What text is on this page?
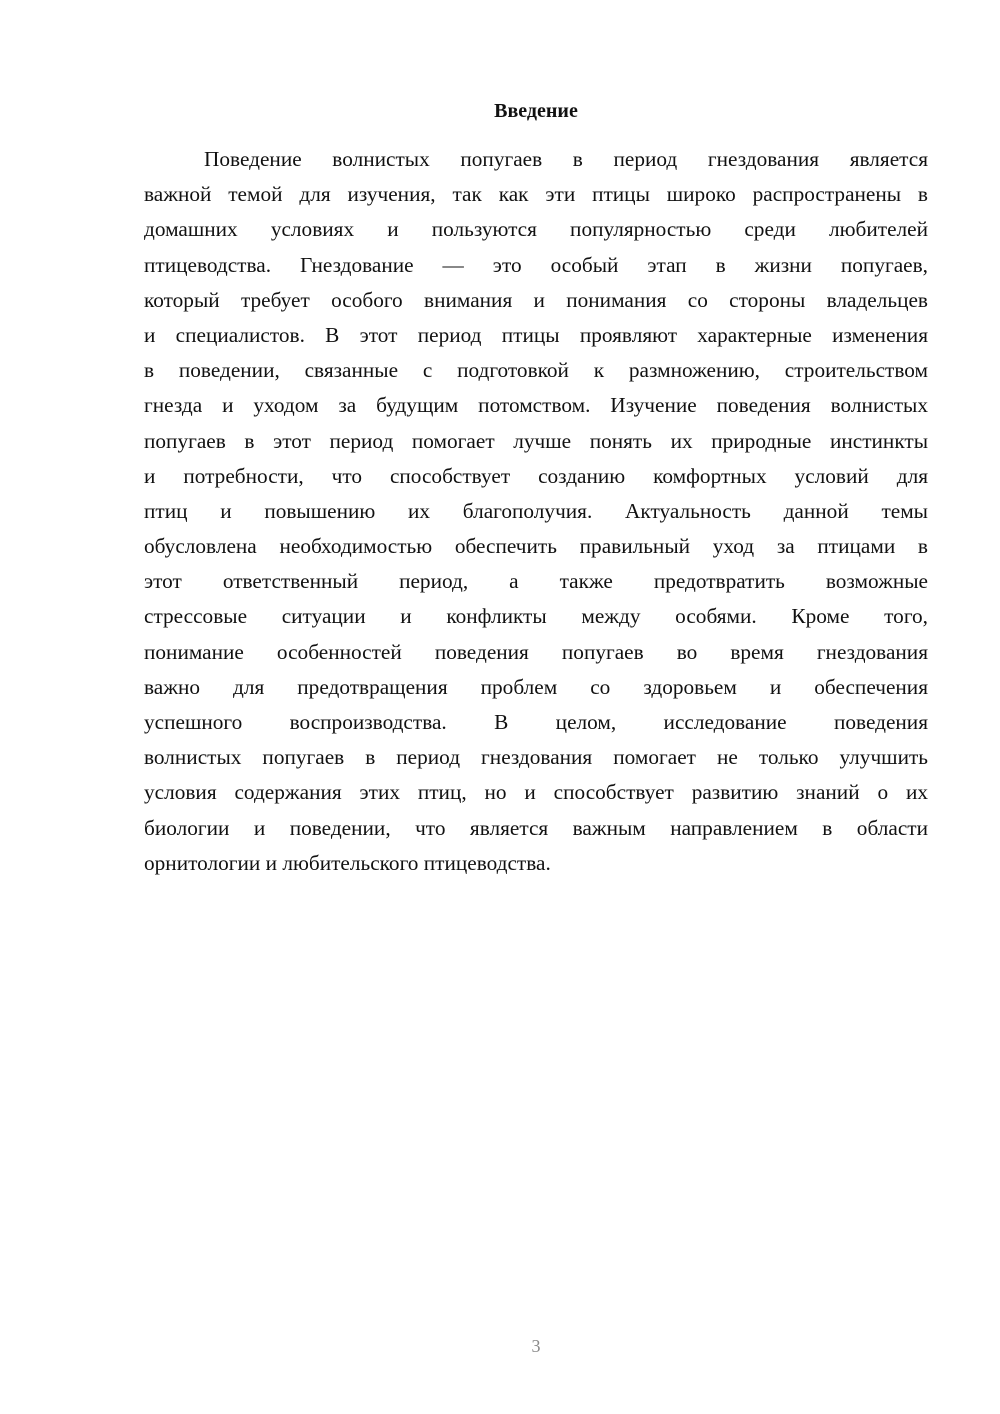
Введение
Поведение волнистых попугаев в период гнездования является
важной темой для изучения, так как эти птицы широко распространены в
домашних условиях и пользуются популярностью среди любителей
птицеводства. Гнездование — это особый этап в жизни попугаев,
который требует особого внимания и понимания со стороны владельцев
и специалистов. В этот период птицы проявляют характерные изменения
в поведении, связанные с подготовкой к размножению, строительством
гнезда и уходом за будущим потомством. Изучение поведения волнистых
попугаев в этот период помогает лучше понять их природные инстинкты
и потребности, что способствует созданию комфортных условий для
птиц и повышению их благополучия. Актуальность данной темы
обусловлена необходимостью обеспечить правильный уход за птицами в
этот ответственный период, а также предотвратить возможные
стрессовые ситуации и конфликты между особями. Кроме того,
понимание особенностей поведения попугаев во время гнездования
важно для предотвращения проблем со здоровьем и обеспечения
успешного воспроизводства. В целом, исследование поведения
волнистых попугаев в период гнездования помогает не только улучшить
условия содержания этих птиц, но и способствует развитию знаний о их
биологии и поведении, что является важным направлением в области
орнитологии и любительского птицеводства.
3
